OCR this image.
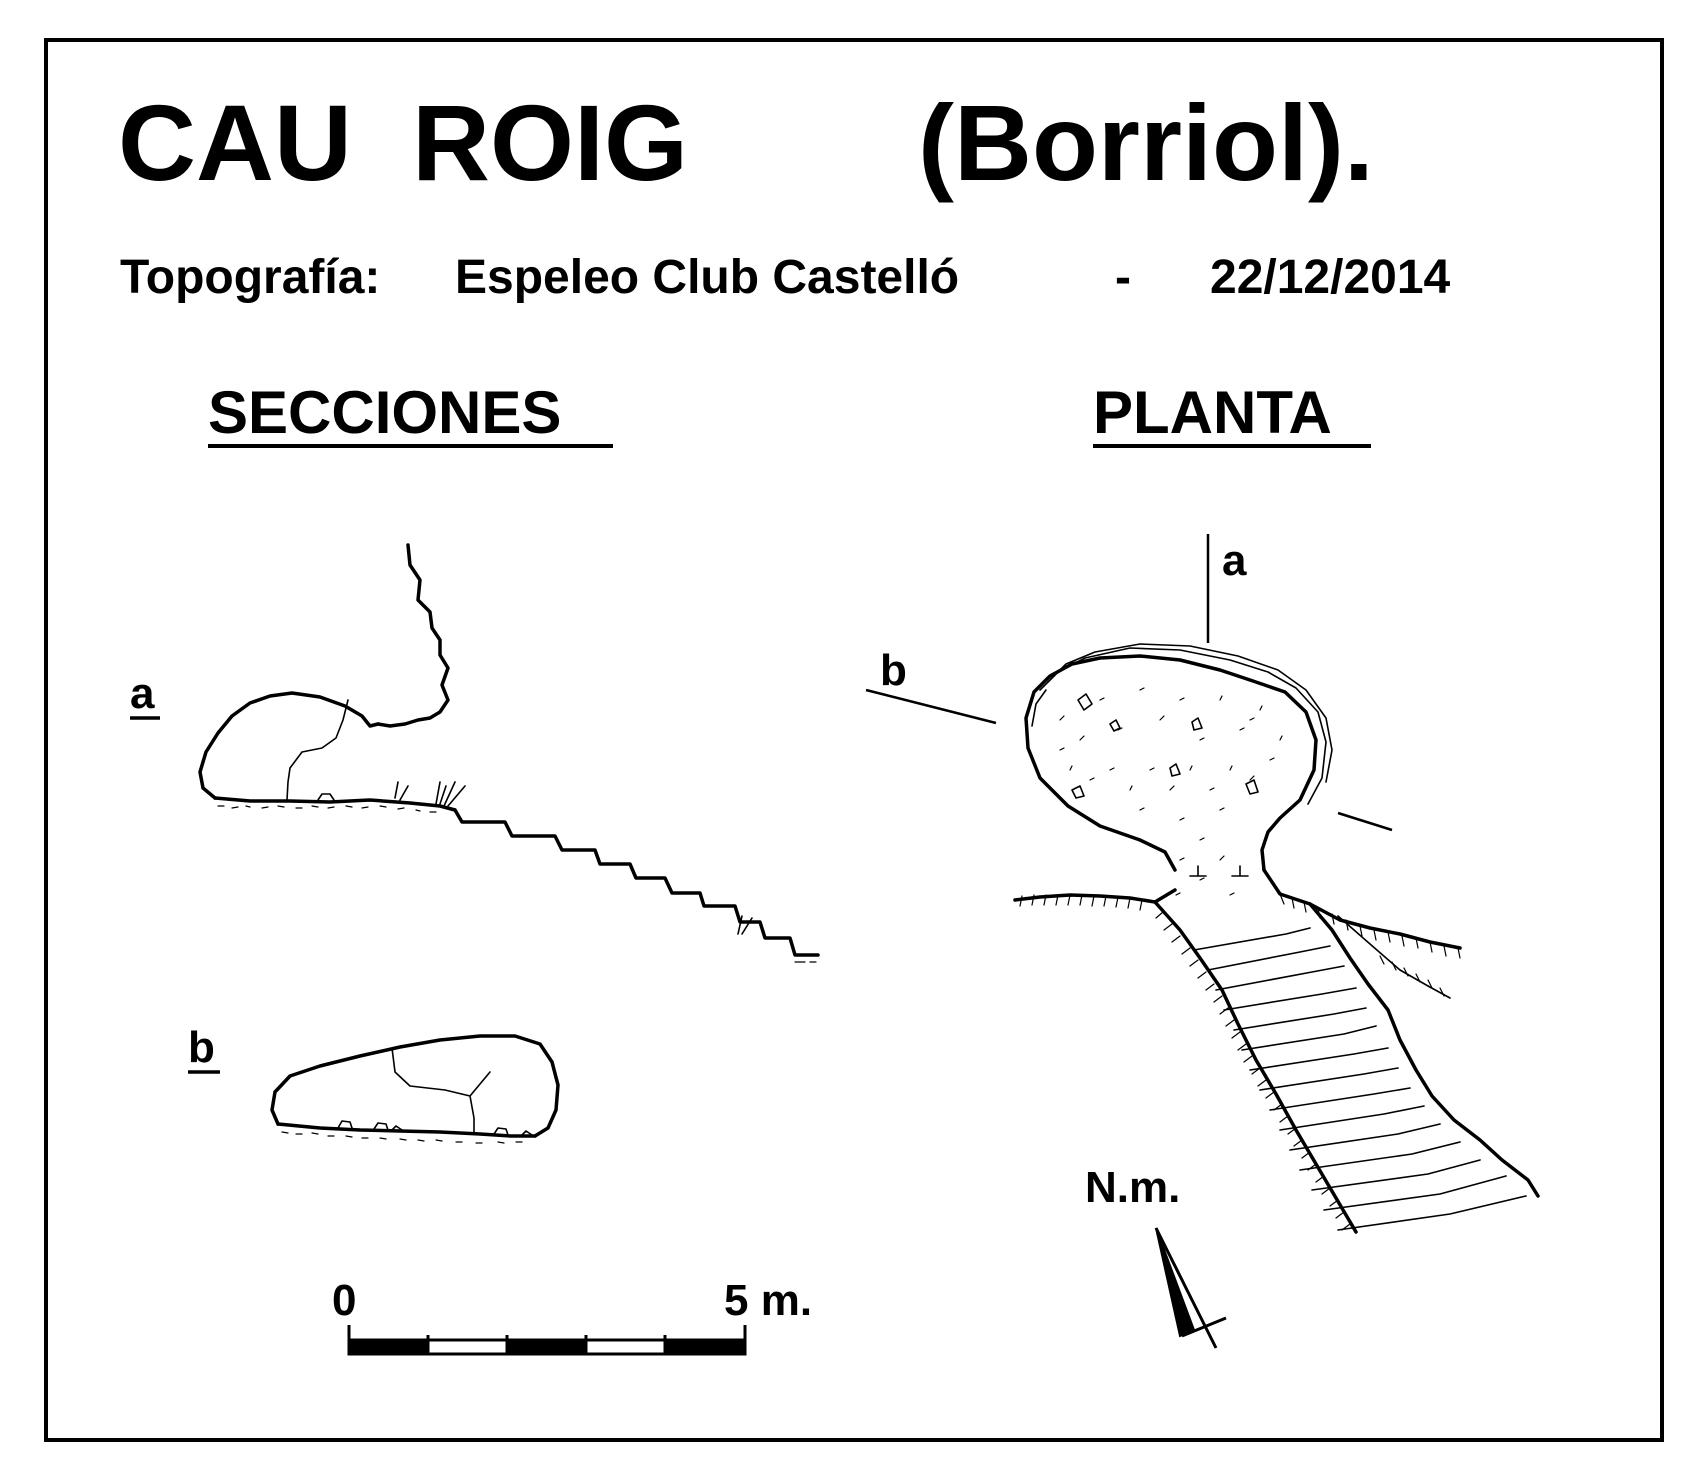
CAU  ROIG (Borriol).
Topografía: Espeleo Club Castelló	- 22/12/2014
SECCIONES	PLANTA
a
b
0	5 m.
a
b
N.m.
